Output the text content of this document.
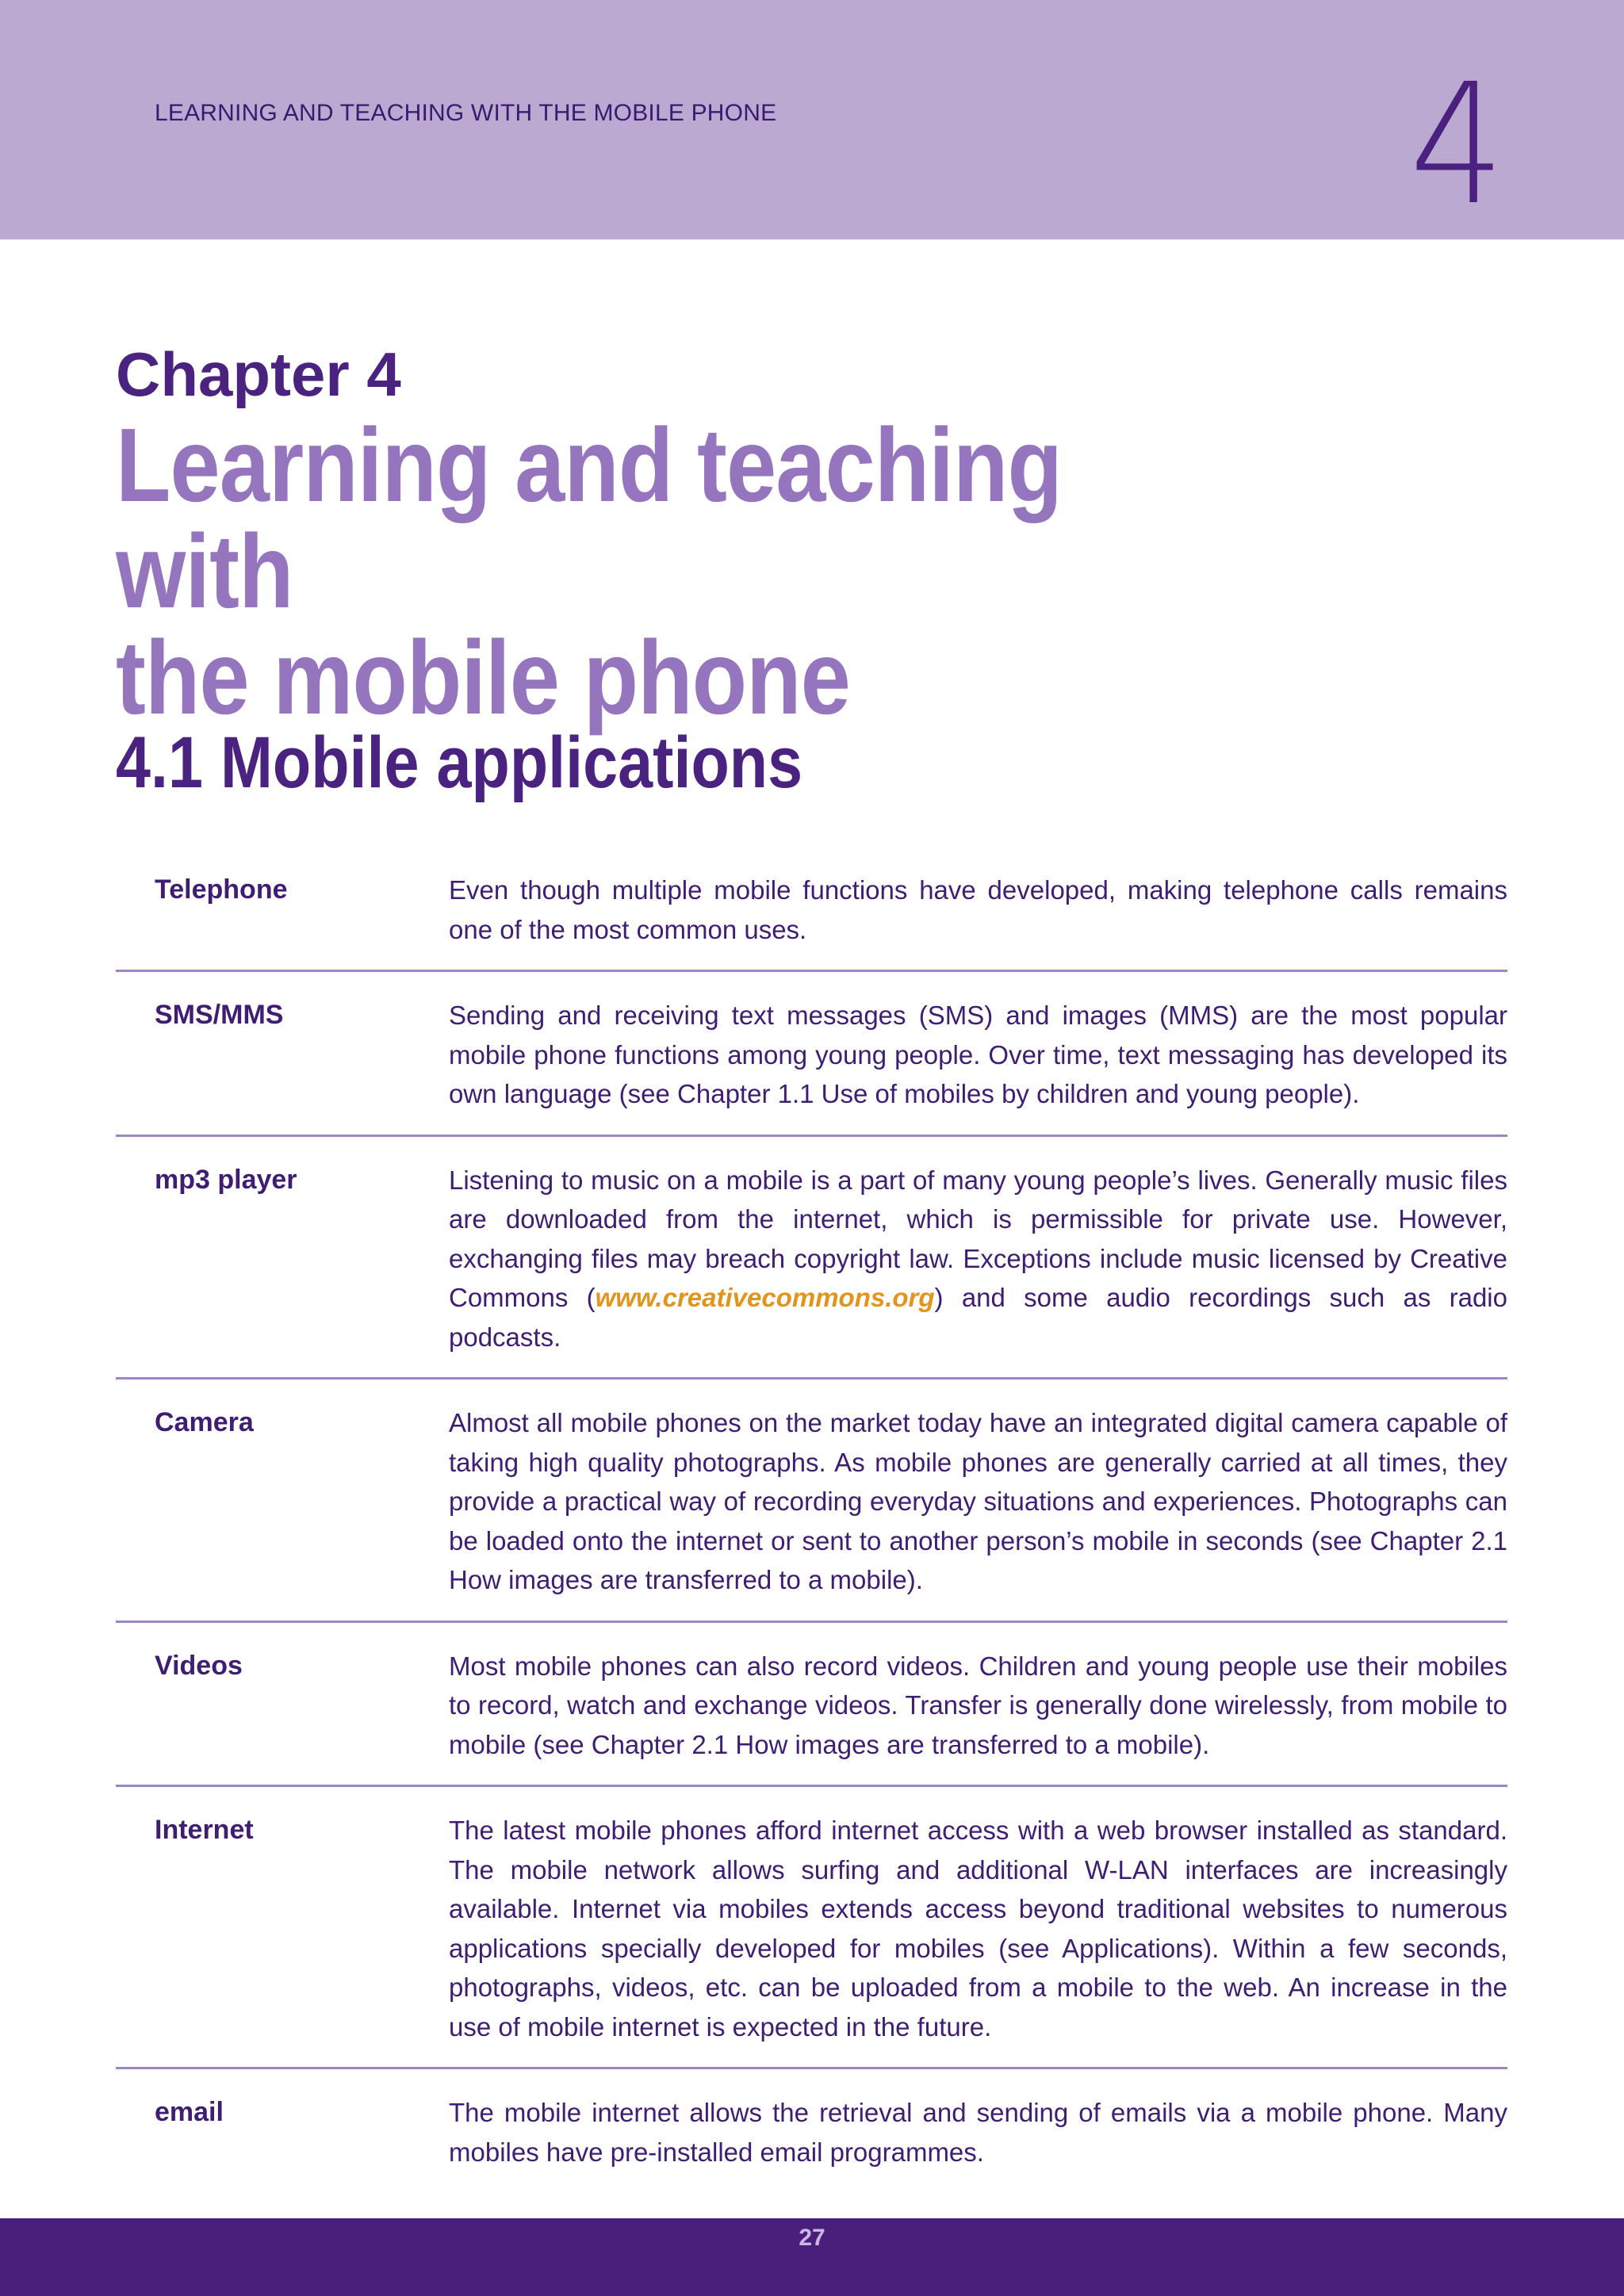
LEARNING AND TEACHING WITH THE MOBILE PHONE	4
Chapter 4
Learning and teaching with
the mobile phone
4.1 Mobile applications
Telephone	Even though multiple mobile functions have developed, making telephone calls remains one of the most common uses.
SMS/MMS	Sending and receiving text messages (SMS) and images (MMS) are the most popular mobile phone functions among young people. Over time, text messaging has developed its own language (see Chapter 1.1 Use of mobiles by children and young people).
mp3 player	Listening to music on a mobile is a part of many young people’s lives. Generally music files are downloaded from the internet, which is permissible for private use. However, exchanging files may breach copyright law. Exceptions include music licensed by Creative Commons (www.creativecommons.org) and some audio recordings such as radio podcasts.
Camera	Almost all mobile phones on the market today have an integrated digital camera capable of taking high quality photographs. As mobile phones are generally carried at all times, they provide a practical way of recording everyday situations and experiences. Photographs can be loaded onto the internet or sent to another person’s mobile in seconds (see Chapter 2.1 How images are transferred to a mobile).
Videos	Most mobile phones can also record videos. Children and young people use their mobiles to record, watch and exchange videos. Transfer is generally done wirelessly, from mobile to mobile (see Chapter 2.1 How images are transferred to a mobile).
Internet	The latest mobile phones afford internet access with a web browser installed as standard. The mobile network allows surfing and additional W-LAN interfaces are increasingly available. Internet via mobiles extends access beyond traditional websites to numerous applications specially developed for mobiles (see Applications). Within a few seconds, photographs, videos, etc. can be uploaded from a mobile to the web. An increase in the use of mobile internet is expected in the future.
email	The mobile internet allows the retrieval and sending of emails via a mobile phone. Many mobiles have pre-installed email programmes.
27
